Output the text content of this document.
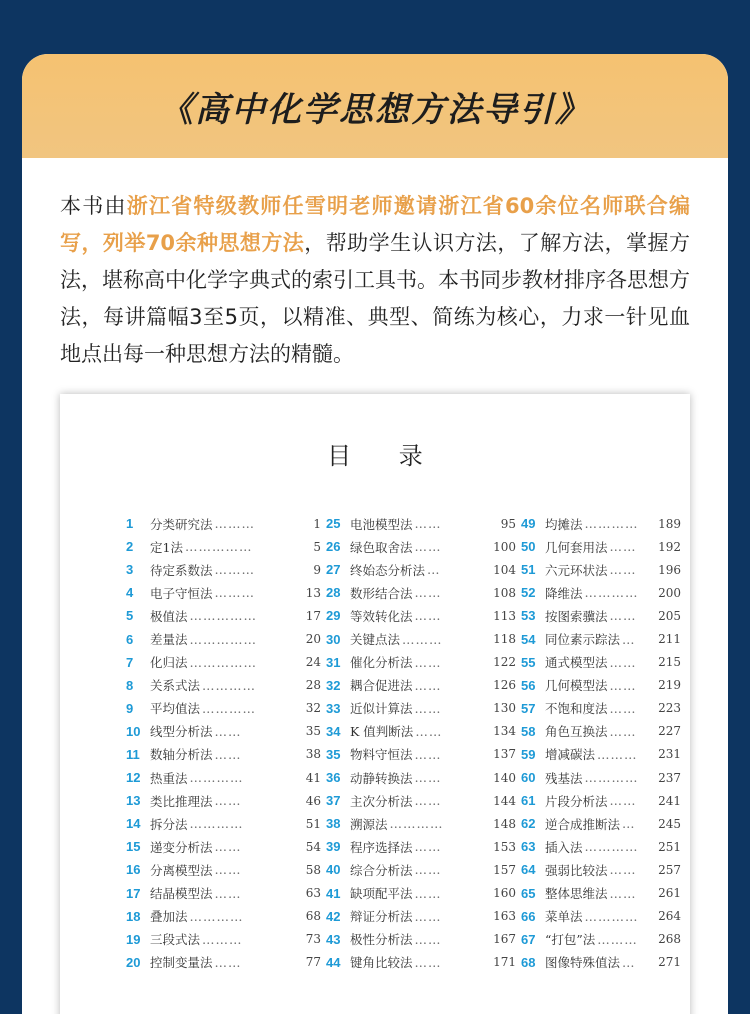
《高中化学思想方法导引》
本书由浙江省特级教师任雪明老师邀请浙江省60余位名师联合编写，列举70余种思想方法，帮助学生认识方法，了解方法，掌握方法，堪称高中化学字典式的索引工具书。本书同步教材排序各思想方法，每讲篇幅3至5页，以精准、典型、简练为核心，力求一针见血地点出每一种思想方法的精髓。
目 录
1	分类研究法 ………	1
2	定1法 ……………	5
3	待定系数法 ………	9
4	电子守恒法 ………	13
5	极值法 ……………	17
6	差量法 ……………	20
7	化归法 ……………	24
8	关系式法 …………	28
9	平均值法 …………	32
10 线型分析法 ……	35
11 数轴分析法 ……	38
12 热重法 …………	41
13 类比推理法 ……	46
14 拆分法 …………	51
15 递变分析法 ……	54
16 分离模型法 ……	58
17 结晶模型法 ……	63
18 叠加法 …………	68
19 三段式法 ………	73
20 控制变量法 ……	77
25 电池模型法 ……	95
26 绿色取舍法 ……	100
27 终始态分析法 …	104
28 数形结合法 ……	108
29 等效转化法 ……	113
30 关键点法 ………	118
31 催化分析法 ……	122
32 耦合促进法 ……	126
33 近似计算法 ……	130
34 K 值判断法 ……	134
35 物料守恒法 ……	137
36 动静转换法 ……	140
37 主次分析法 ……	144
38 溯源法 …………	148
39 程序选择法 ……	153
40 综合分析法 ……	157
41 缺项配平法 ……	160
42 辩证分析法 ……	163
43 极性分析法 ……	167
44 键角比较法 ……	171
49 均摊法 …………	189
50 几何套用法 ……	192
51 六元环状法 ……	196
52 降维法 …………	200
53 按图索骥法 ……	205
54 同位素示踪法 …	211
55 通式模型法 ……	215
56 几何模型法 ……	219
57 不饱和度法 ……	223
58 角色互换法 ……	227
59 增减碳法 ………	231
60 残基法 …………	237
61 片段分析法 ……	241
62 逆合成推断法 …	245
63 插入法 …………	251
64 强弱比较法 ……	257
65 整体思维法 ……	261
66 菜单法 …………	264
67 “打包”法 ………	268
68 图像特殊值法 …	271
